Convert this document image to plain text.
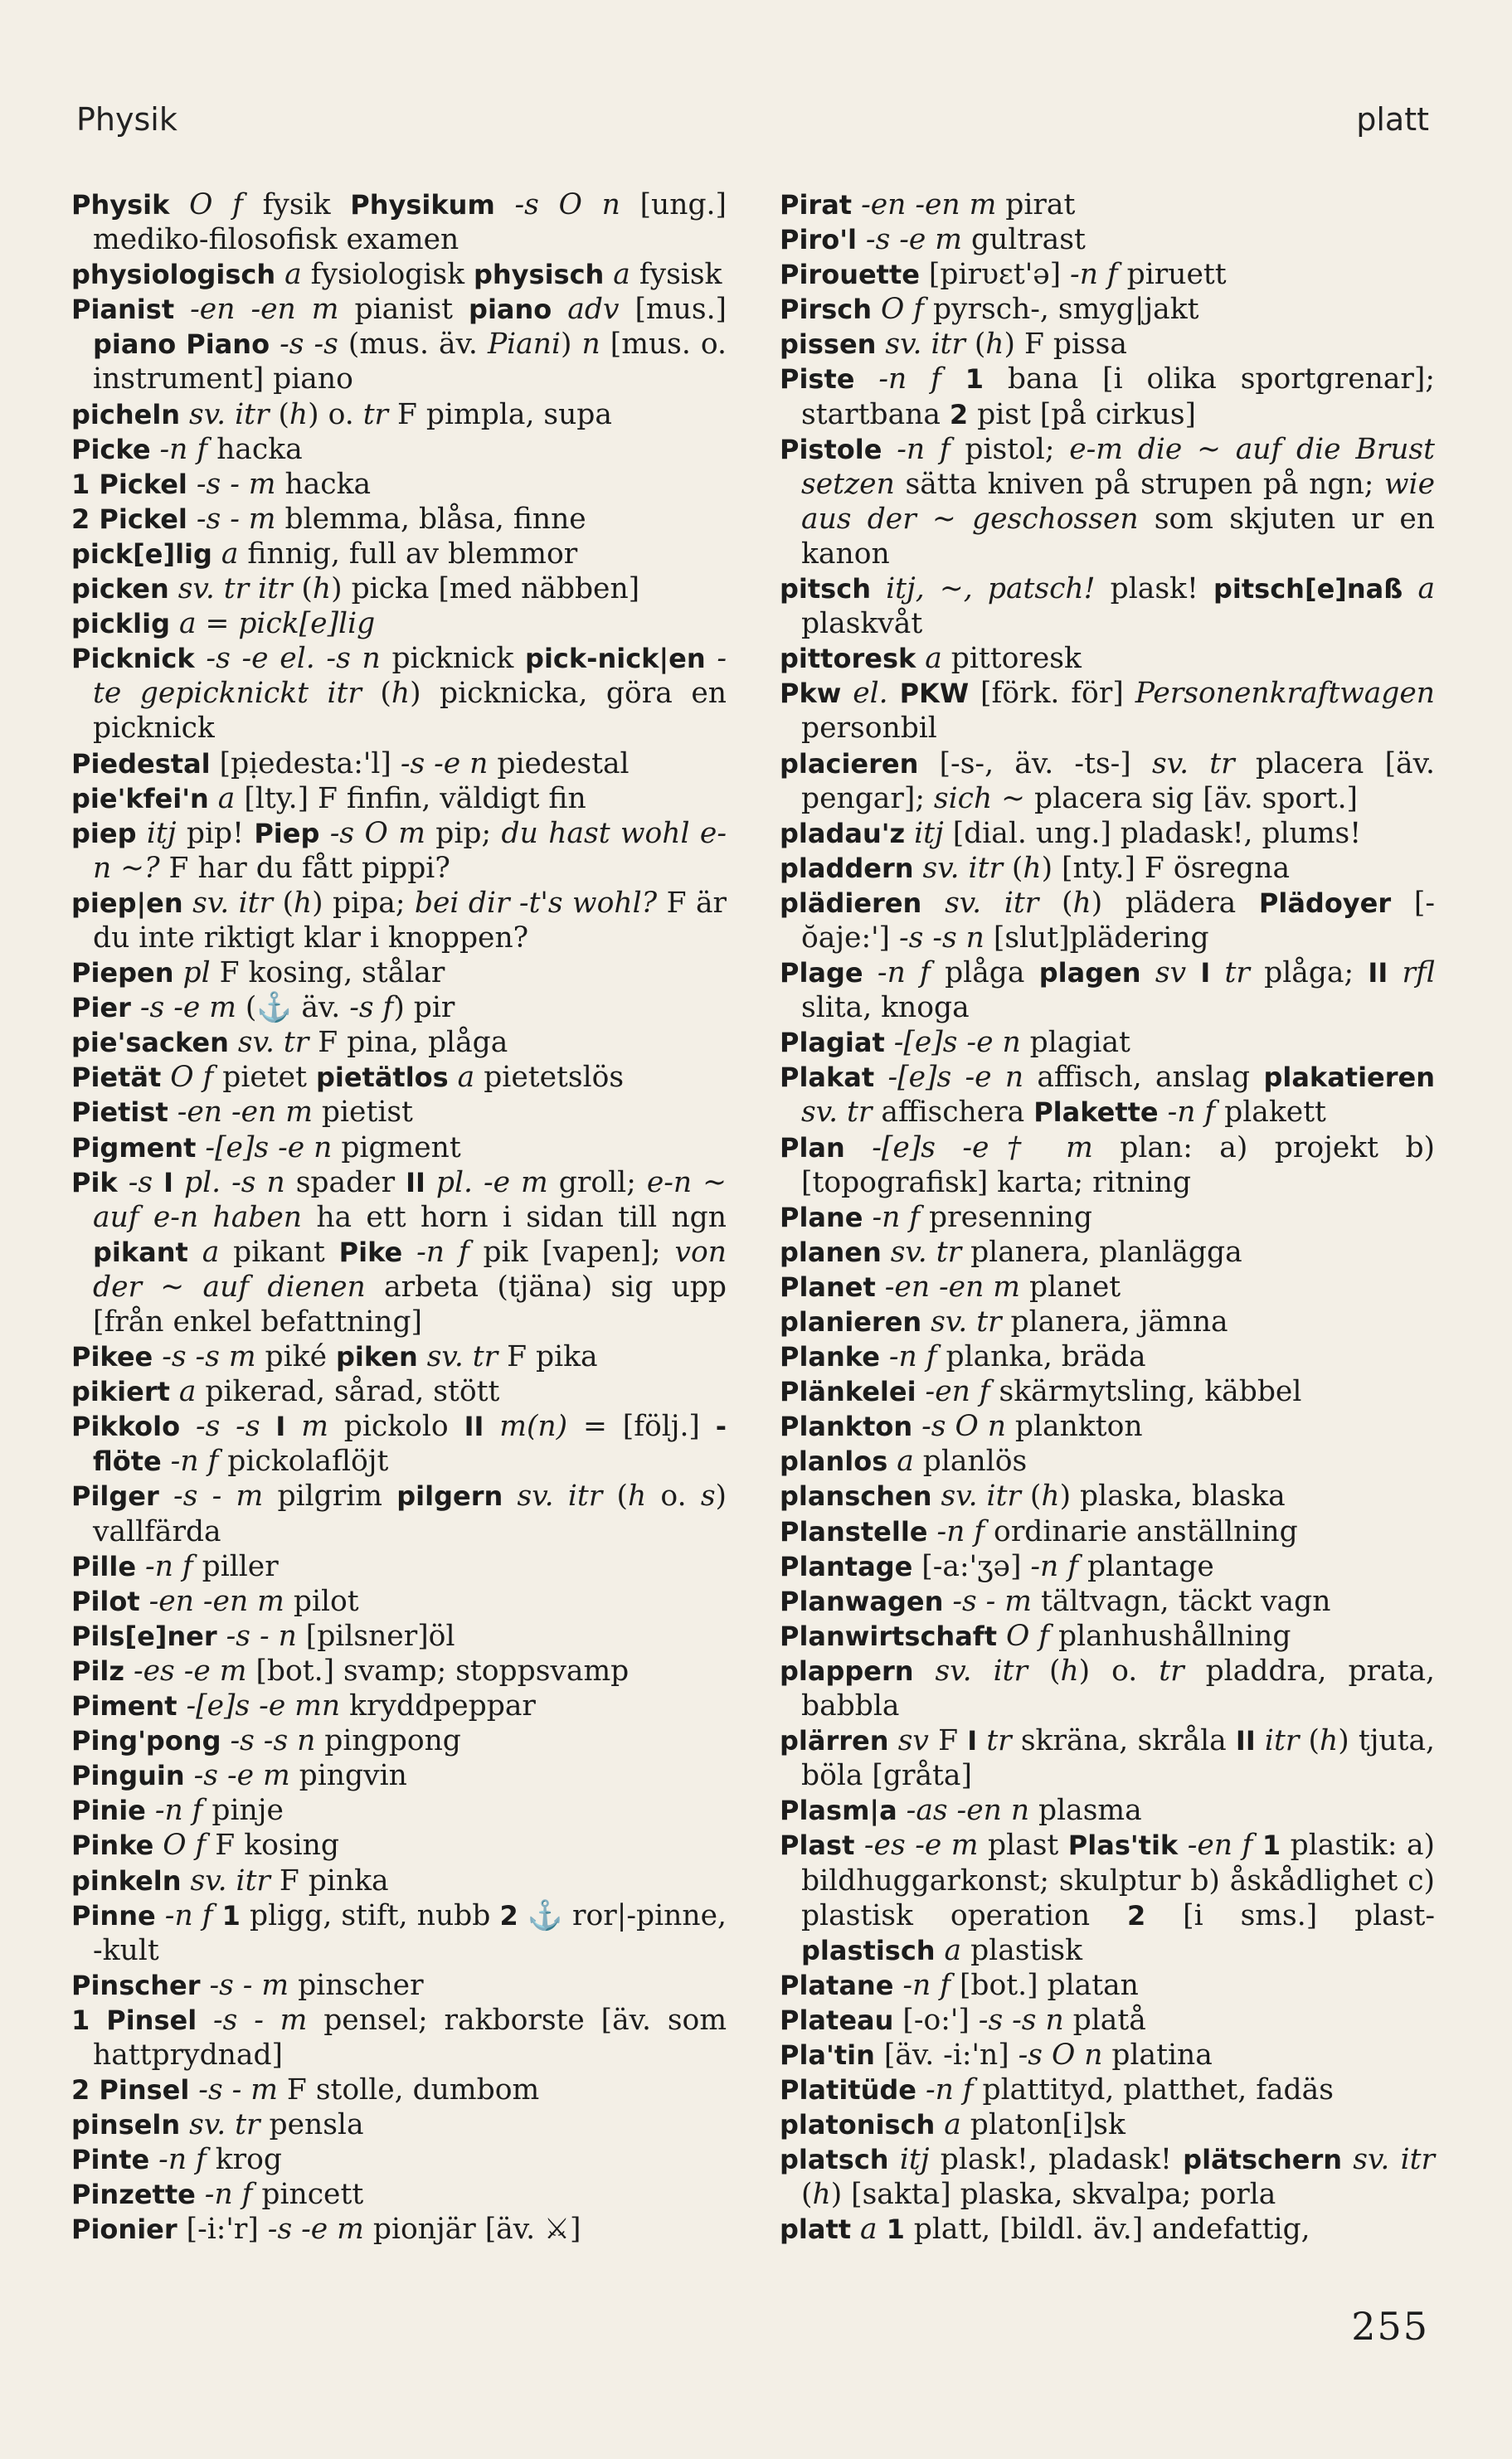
Physik	platt
Physik O f fysik Physikum -s O n [ung.] mediko-filosofisk examen
physiologisch a fysiologisk physisch a fysisk
Pianist -en -en m pianist piano adv [mus.] piano Piano -s -s (mus. äv. Piani) n [mus. o. instrument] piano
picheln sv. itr (h) o. tr F pimpla, supa
Picke -n f hacka
1 Pickel -s - m hacka
2 Pickel -s - m blemma, blåsa, finne
pick[e]lig a finnig, full av blemmor
picken sv. tr itr (h) picka [med näbben]
picklig a = pick[e]lig
Picknick -s -e el. -s n picknick pick-nick|en -te gepicknickt itr (h) picknicka, göra en picknick
Piedestal [pịedesta:'l] -s -e n piedestal
pie'kfei'n a [lty.] F finfin, väldigt fin
piep itj pip! Piep -s O m pip; du hast wohl e-n ~? F har du fått pippi?
piep|en sv. itr (h) pipa; bei dir -t's wohl? F är du inte riktigt klar i knoppen?
Piepen pl F kosing, stålar
Pier -s -e m (⚓ äv. -s f) pir
pie'sacken sv. tr F pina, plåga
Pietät O f pietet pietätlos a pietetslös
Pietist -en -en m pietist
Pigment -[e]s -e n pigment
Pik -s I pl. -s n spader II pl. -e m groll; e-n ~ auf e-n haben ha ett horn i sidan till ngn pikant a pikant Pike -n f pik [vapen]; von der ~ auf dienen arbeta (tjäna) sig upp [från enkel befattning]
Pikee -s -s m piké piken sv. tr F pika
pikiert a pikerad, sårad, stött
Pikkolo -s -s I m pickolo II m(n) = [följ.] -flöte -n f pickolaflöjt
Pilger -s - m pilgrim pilgern sv. itr (h o. s) vallfärda
Pille -n f piller
Pilot -en -en m pilot
Pils[e]ner -s - n [pilsner]öl
Pilz -es -e m [bot.] svamp; stoppsvamp
Piment -[e]s -e mn kryddpeppar
Ping'pong -s -s n pingpong
Pinguin -s -e m pingvin
Pinie -n f pinje
Pinke O f F kosing
pinkeln sv. itr F pinka
Pinne -n f 1 pligg, stift, nubb 2 ⚓ ror|-pinne, -kult
Pinscher -s - m pinscher
1 Pinsel -s - m pensel; rakborste [äv. som hattprydnad]
2 Pinsel -s - m F stolle, dumbom
pinseln sv. tr pensla
Pinte -n f krog
Pinzette -n f pincett
Pionier [-i:'r] -s -e m pionjär [äv. ⚔]
Pirat -en -en m pirat
Piro'l -s -e m gultrast
Pirouette [pirυɛt'ə] -n f piruett
Pirsch O f pyrsch-, smyg|jakt
pissen sv. itr (h) F pissa
Piste -n f 1 bana [i olika sportgrenar]; startbana 2 pist [på cirkus]
Pistole -n f pistol; e-m die ~ auf die Brust setzen sätta kniven på strupen på ngn; wie aus der ~ geschossen som skjuten ur en kanon
pitsch itj, ~, patsch! plask! pitsch[e]naß a plaskvåt
pittoresk a pittoresk
Pkw el. PKW [förk. för] Personenkraftwagen personbil
placieren [-s-, äv. -ts-] sv. tr placera [äv. pengar]; sich ~ placera sig [äv. sport.]
pladau'z itj [dial. ung.] pladask!, plums!
pladdern sv. itr (h) [nty.] F ösregna
plädieren sv. itr (h) plädera Plädoyer [-ŏaje:'] -s -s n [slut]plädering
Plage -n f plåga plagen sv I tr plåga; II rfl slita, knoga
Plagiat -[e]s -e n plagiat
Plakat -[e]s -e n affisch, anslag plakatieren sv. tr affischera Plakette -n f plakett
Plan -[e]s -e† m plan: a) projekt b) [topografisk] karta; ritning
Plane -n f presenning
planen sv. tr planera, planlägga
Planet -en -en m planet
planieren sv. tr planera, jämna
Planke -n f planka, bräda
Plänkelei -en f skärmytsling, käbbel
Plankton -s O n plankton
planlos a planlös
planschen sv. itr (h) plaska, blaska
Planstelle -n f ordinarie anställning
Plantage [-a:'ʒə] -n f plantage
Planwagen -s - m tältvagn, täckt vagn
Planwirtschaft O f planhushållning
plappern sv. itr (h) o. tr pladdra, prata, babbla
plärren sv F I tr skräna, skråla II itr (h) tjuta, böla [gråta]
Plasm|a -as -en n plasma
Plast -es -e m plast Plas'tik -en f 1 plastik: a) bildhuggarkonst; skulptur b) åskådlighet c) plastisk operation 2 [i sms.] plast- plastisch a plastisk
Platane -n f [bot.] platan
Plateau [-o:'] -s -s n platå
Pla'tin [äv. -i:'n] -s O n platina
Platitüde -n f plattityd, platthet, fadäs
platonisch a platon[i]sk
platsch itj plask!, pladask! plätschern sv. itr (h) [sakta] plaska, skvalpa; porla
platt a 1 platt, [bildl. äv.] andefattig,
255
